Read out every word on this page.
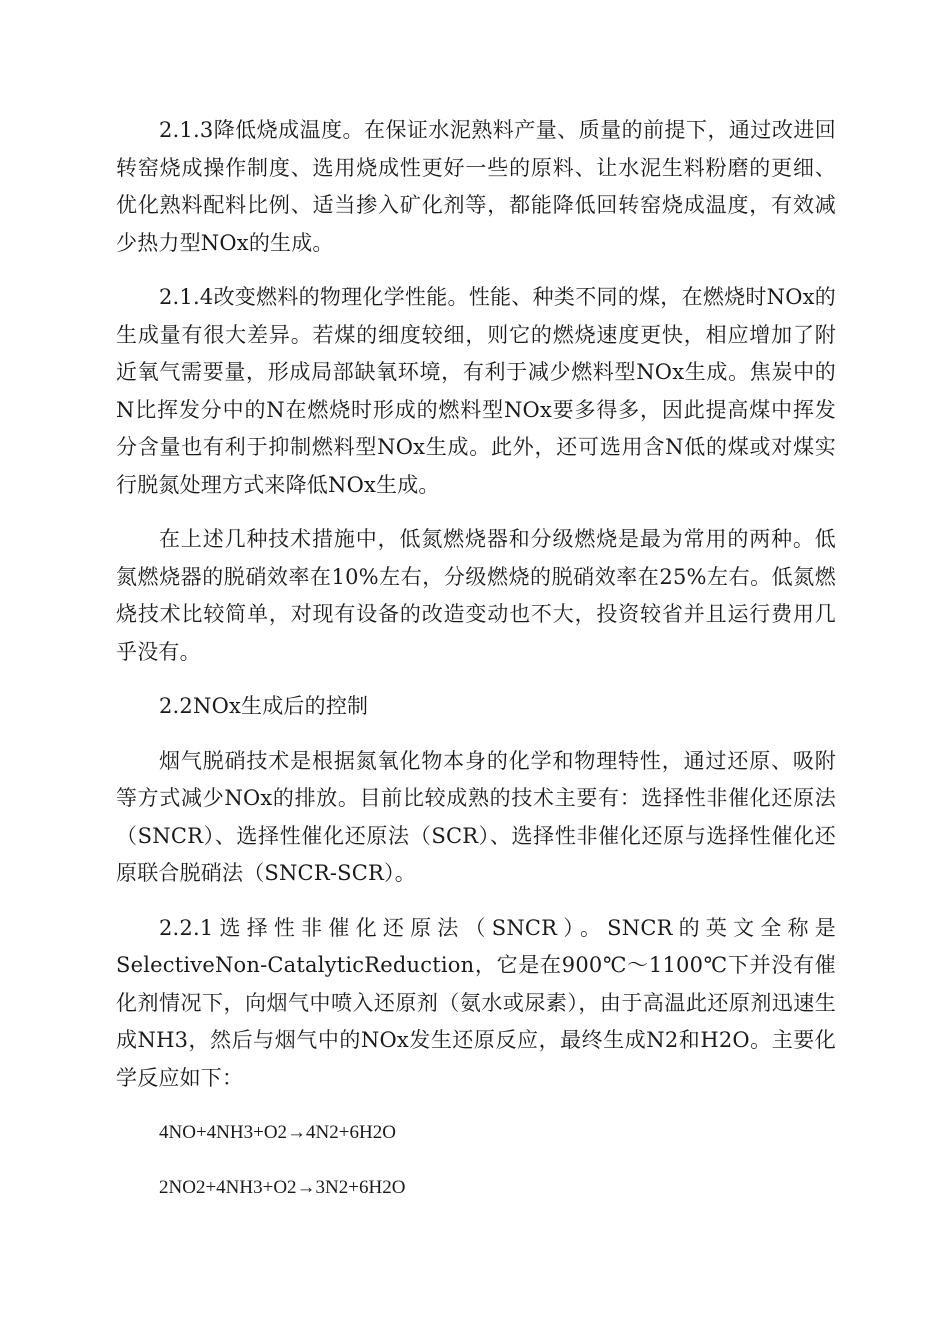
2.1.3降低烧成温度。在保证水泥熟料产量、质量的前提下，通过改进回转窑烧成操作制度、选用烧成性更好一些的原料、让水泥生料粉磨的更细、优化熟料配料比例、适当掺入矿化剂等，都能降低回转窑烧成温度，有效减少热力型NOx的生成。

2.1.4改变燃料的物理化学性能。性能、种类不同的煤，在燃烧时NOx的生成量有很大差异。若煤的细度较细，则它的燃烧速度更快，相应增加了附近氧气需要量，形成局部缺氧环境，有利于减少燃料型NOx生成。焦炭中的N比挥发分中的N在燃烧时形成的燃料型NOx要多得多，因此提高煤中挥发分含量也有利于抑制燃料型NOx生成。此外，还可选用含N低的煤或对煤实行脱氮处理方式来降低NOx生成。

在上述几种技术措施中，低氮燃烧器和分级燃烧是最为常用的两种。低氮燃烧器的脱硝效率在10%左右，分级燃烧的脱硝效率在25%左右。低氮燃烧技术比较简单，对现有设备的改造变动也不大，投资较省并且运行费用几乎没有。

2.2NOx生成后的控制

烟气脱硝技术是根据氮氧化物本身的化学和物理特性，通过还原、吸附等方式减少NOx的排放。目前比较成熟的技术主要有：选择性非催化还原法（SNCR）、选择性催化还原法（SCR）、选择性非催化还原与选择性催化还原联合脱硝法（SNCR-SCR）。

2.2.1选择性非催化还原法（SNCR）。SNCR的英文全称是SelectiveNon-CatalyticReduction，它是在900℃～1100℃下并没有催化剂情况下，向烟气中喷入还原剂（氨水或尿素），由于高温此还原剂迅速生成NH3，然后与烟气中的NOx发生还原反应，最终生成N2和H2O。主要化学反应如下：

4NO+4NH3+O2→4N2+6H2O

2NO2+4NH3+O2→3N2+6H2O
